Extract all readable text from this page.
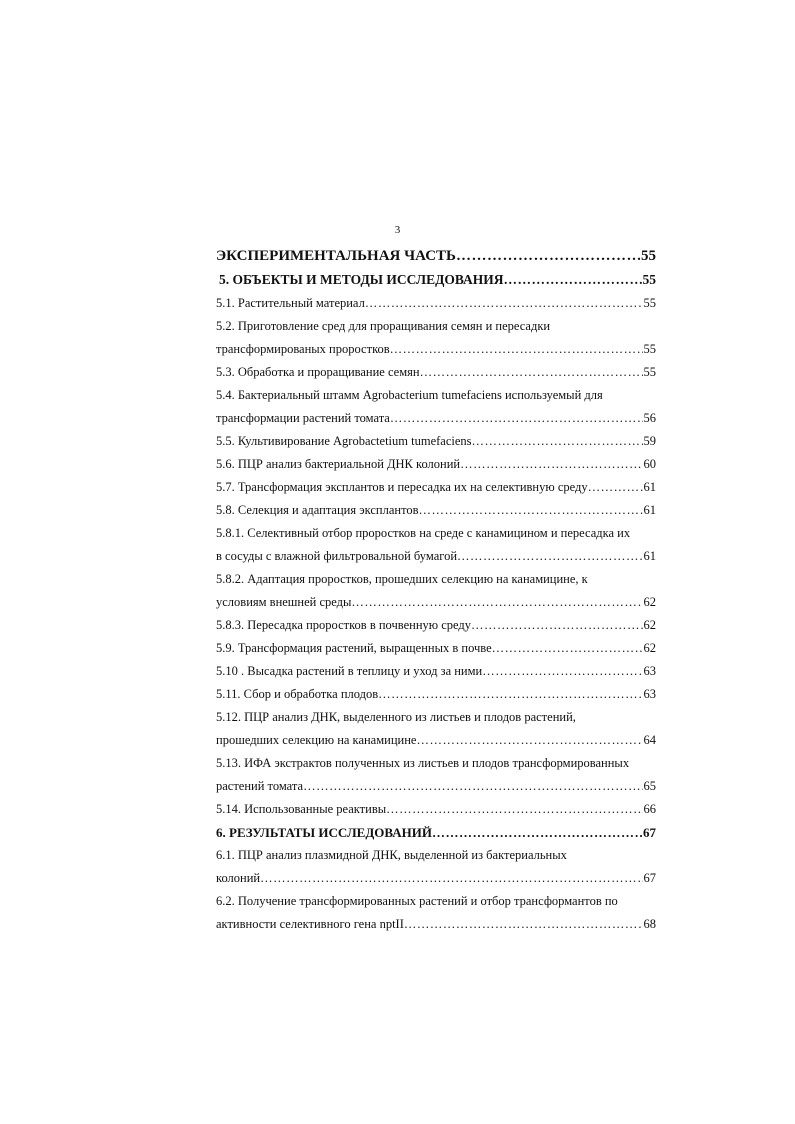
3
ЭКСПЕРИМЕНТАЛЬНАЯ ЧАСТЬ …………………………………………………………………………………………………………………………………………………………………………………………	55
5. ОБЪЕКТЫ И МЕТОДЫ ИССЛЕДОВАНИЯ …………………………………………………………………………………………………………………………………………………………………………………………	55
5.1. Растительный материал …………………………………………………………………………………………………………………………………………………………………………………………	55
5.2. Приготовление сред для проращивания семян и пересадки
трансформированых проростков …………………………………………………………………………………………………………………………………………………………………………………………	55
5.3. Обработка и проращивание семян …………………………………………………………………………………………………………………………………………………………………………………………	55
5.4. Бактериальный штамм Agrobacterium tumefaciens используемый для
трансформации растений томата …………………………………………………………………………………………………………………………………………………………………………………………	56
5.5. Культивирование Agrobactetium tumefaciens …………………………………………………………………………………………………………………………………………………………………………………………	59
5.6. ПЦР анализ бактериальной ДНК колоний …………………………………………………………………………………………………………………………………………………………………………………………	60
5.7. Трансформация эксплантов и пересадка их на селективную среду …………………………………………………………………………………………………………………………………………………………………………………………	61
5.8. Селекция и адаптация эксплантов …………………………………………………………………………………………………………………………………………………………………………………………	61
5.8.1. Селективный отбор проростков на среде с канамицином и пересадка их
в сосуды с влажной фильтровальной бумагой …………………………………………………………………………………………………………………………………………………………………………………………	61
5.8.2. Адаптация проростков, прошедших селекцию на канамицине, к
условиям внешней среды …………………………………………………………………………………………………………………………………………………………………………………………	62
5.8.3. Пересадка проростков в почвенную среду …………………………………………………………………………………………………………………………………………………………………………………………	62
5.9. Трансформация растений, выращенных в почве …………………………………………………………………………………………………………………………………………………………………………………………	62
5.10 . Высадка растений в теплицу и уход за ними …………………………………………………………………………………………………………………………………………………………………………………………	63
5.11. Сбор и обработка плодов …………………………………………………………………………………………………………………………………………………………………………………………	63
5.12. ПЦР анализ ДНК, выделенного из листьев и плодов растений,
прошедших селекцию на канамицине …………………………………………………………………………………………………………………………………………………………………………………………	64
5.13. ИФА экстрактов полученных из листьев и плодов трансформированных
растений томата …………………………………………………………………………………………………………………………………………………………………………………………	65
5.14. Использованные реактивы …………………………………………………………………………………………………………………………………………………………………………………………	66
6. РЕЗУЛЬТАТЫ ИССЛЕДОВАНИЙ …………………………………………………………………………………………………………………………………………………………………………………………	67
6.1. ПЦР анализ плазмидной ДНК, выделенной из бактериальных
колоний …………………………………………………………………………………………………………………………………………………………………………………………	67
6.2. Получение трансформированных растений и отбор трансформантов по
активности селективного гена nptII …………………………………………………………………………………………………………………………………………………………………………………………	68
